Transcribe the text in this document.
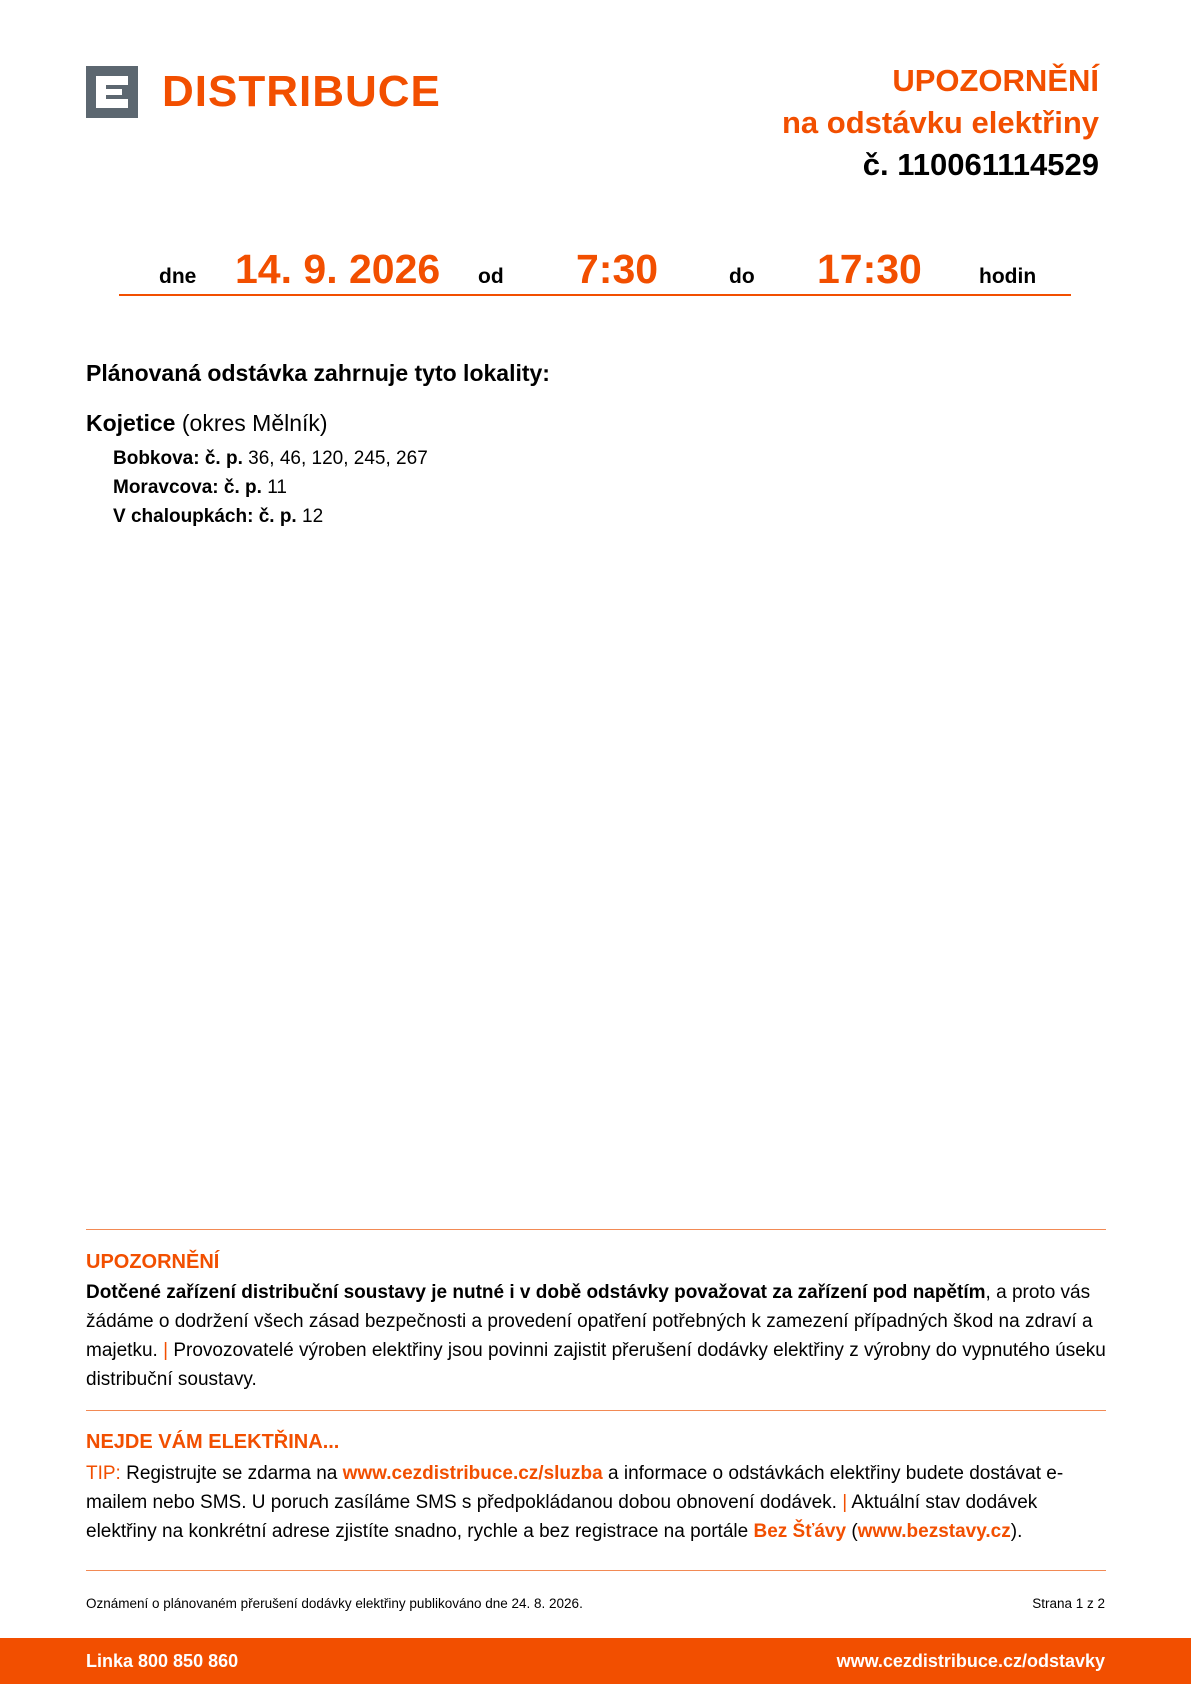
DISTRIBUCE	UPOZORNĚNÍ
na odstávku elektřiny
č. 110061114529
dne 14. 9. 2026 od 7:30	do 17:30	hodin
Plánovaná odstávka zahrnuje tyto lokality:
Kojetice (okres Mělník)
Bobkova: č. p. 36, 46, 120, 245, 267
Moravcova: č. p. 11
V chaloupkách: č. p. 12
UPOZORNĚNÍ
Dotčené zařízení distribuční soustavy je nutné i v době odstávky považovat za zařízení pod napětím, a proto vás žádáme o dodržení všech zásad bezpečnosti a provedení opatření potřebných k zamezení případných škod na zdraví a majetku. | Provozovatelé výroben elektřiny jsou povinni zajistit přerušení dodávky elektřiny z výrobny do vypnutého úseku distribuční soustavy.
NEJDE VÁM ELEKTŘINA...
TIP: Registrujte se zdarma na www.cezdistribuce.cz/sluzba a informace o odstávkách elektřiny budete dostávat e-mailem nebo SMS. U poruch zasíláme SMS s předpokládanou dobou obnovení dodávek. | Aktuální stav dodávek elektřiny na konkrétní adrese zjistíte snadno, rychle a bez registrace na portále Bez Šťávy (www.bezstavy.cz).
Oznámení o plánovaném přerušení dodávky elektřiny publikováno dne 24. 8. 2026.	Strana 1 z 2
Linka 800 850 860	www.cezdistribuce.cz/odstavky
